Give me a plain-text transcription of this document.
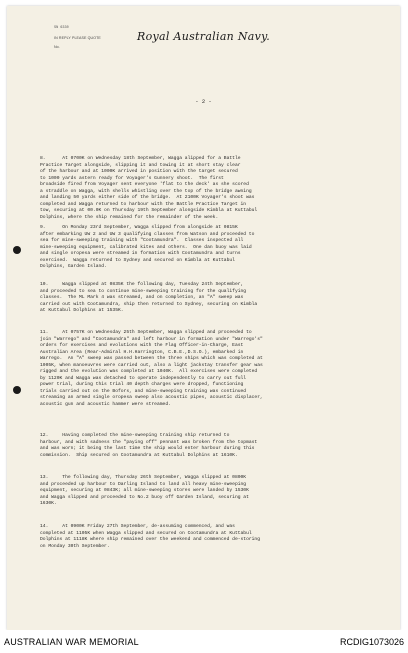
SN 6330
IN REPLY PLEASE QUOTE
No.
Royal Australian Navy.
- 2 -
8.      At 0700K on Wednesday 18th September, Wagga alipped for a Battle
Practice Target alongside, slipping it and towing it at short stay clear
of the harbour and at 1000K arrived in position with the target secured
to 1000 yards astern ready for Voyager's Gunnery shoot.  The first
broadside fired from Voyager sent everyone 'flat to the deck' as she scored
a straddle on Wagga, with shells whistling over the top of the bridge awning
and landing 50 yards either side of the bridge.  At 2100K Voyager's shoot was
completed and Wagga returned to harbour with the Battle Practice Target in
tow, securing at 00.0K on Thursday 19th September alongside Kimbla at Kuttabul
Dolphins, where the ship remained for the remainder of the week.
9.      On Monday 23rd September, Wagga slipped from alongside at 0815K
after embarking UW 2 and UW 3 qualifying classes from Watson and proceeded to
sea for mine-sweeping training with "Cootamundra".  Classes inspected all
mine-sweeping equipment, calibrated kites and others.  One dan buoy was laid
and single oropesa were streamed in formation with Cootamundra and turns
exercised.  Wagga returned to Sydney and secured on Kimbla at Kuttabul
Dolphins, Garden Island.
10.     Wagga slipped at 0835K the following day, Tuesday 24th September,
and proceeded to sea to continue mine-sweeping training for the qualifying
classes.  The ML Mark 4 was streamed, and on completion, an "A" sweep was
carried out with Cootamundra, ship then returned to Sydney, securing on Kimbla
at Kuttabul Dolphins at 1535K.
11.     At 0757K on Wednesday 25th September, Wagga slipped and proceeded to
join "Warrego" and "Cootamundra" and left harbour in formation under "Warrego's"
orders for exercises and evolutions with the Flag Officer-in-Charge, East
Australian Area (Rear-Admiral H.H.Harrington, C.B.E.,D.S.O.), embarked in
Warrego.  An "A" sweep was passed between the three ships which was completed at
1005K, when manoeuvres were carried out, also a light jackstay transfer gear was
rigged and the evolution was completed at 1040K.  All exercises were completed
by 1120K and Wagga was detached to operate independently to carry out full
power trial, during this trial 40 depth charges were dropped, functioning
trials carried out on the Bofors, and mine-sweeping training was continued
streaming an armed single oropesa sweep also acoustic pipes, acoustic displacer,
acoustic gun and acoustic hammer were streamed.
12.     Having completed the mine-sweeping training ship returned to
harbour, and with sadness the "paying off" pennant was broken from the topmast
and was worn; it being the last time the ship would enter harbour during this
commission.  Ship secured on Cootamundra at Kuttabul Dolphins at 1610K.
13.     The following day, Thursday 26th September, Wagga slipped at 0800K
and proceeded up harbour to Darling Island to land all heavy mine-sweeping
equipment, securing at 0843K; all mine-sweeping stores were landed by 1530K
and Wagga slipped and proceeded to No.2 buoy off Garden Island, securing at
1630K.
14.     At 0900K Friday 27th September, de-assuming commenced, and was
completed at 1105K when Wagga slipped and secured on Cootamundra at Kuttabul
Dolphins at 1118K where ship remained over the weekend and commenced de-storing
on Monday 30th September.
AUSTRALIAN WAR MEMORIAL	RCDIG1073026
